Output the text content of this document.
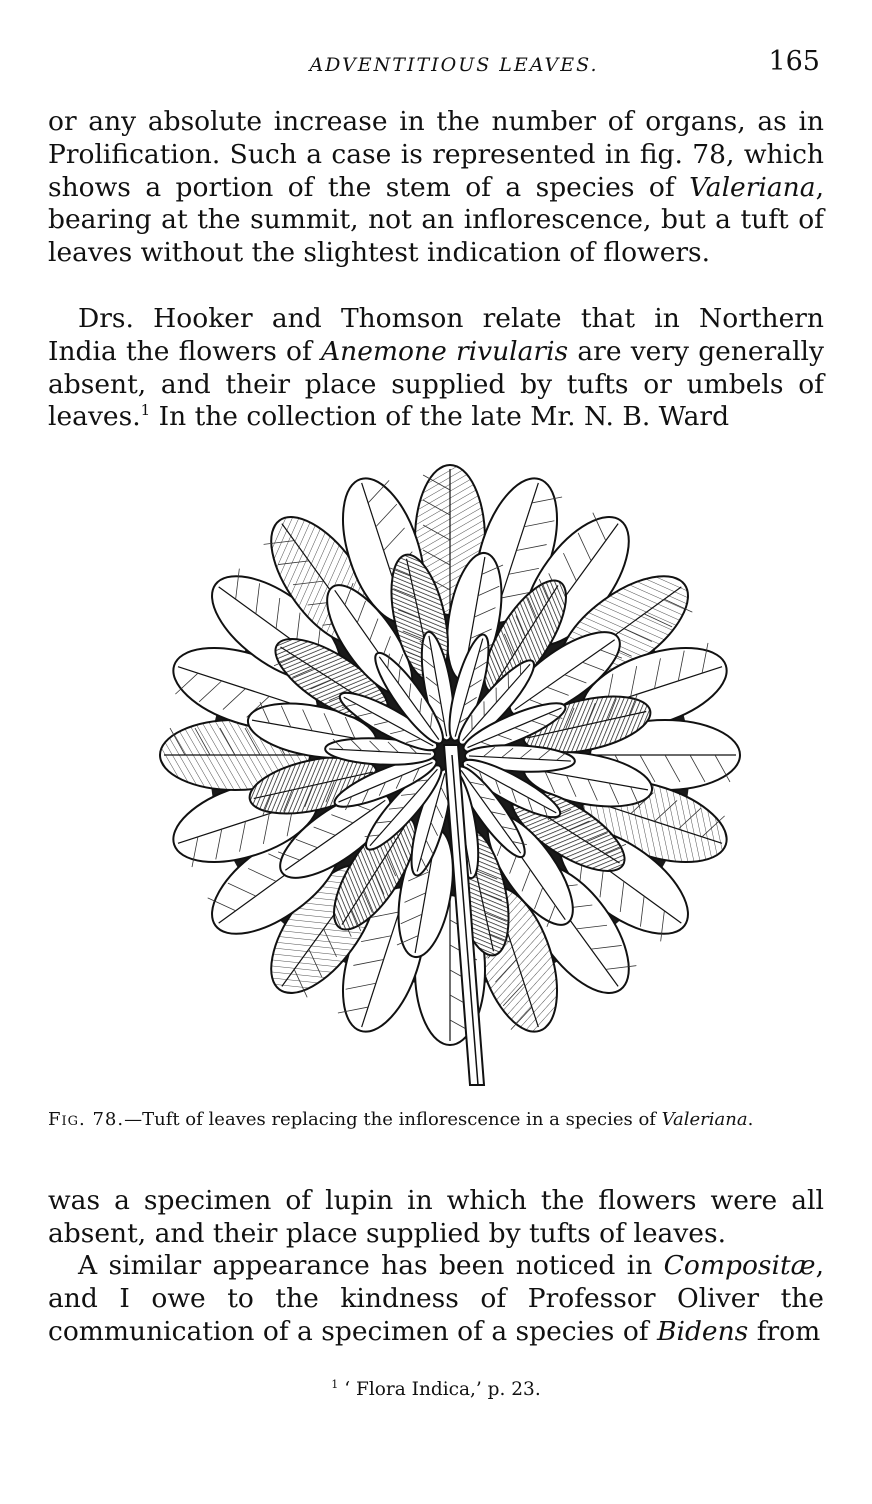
ADVENTITIOUS LEAVES.	165

or any absolute increase in the number of organs, as in Prolification. Such a case is represented in fig. 78, which shows a portion of the stem of a species of Valeriana, bearing at the summit, not an inflorescence, but a tuft of leaves without the slightest indication of flowers.

Drs. Hooker and Thomson relate that in Northern India the flowers of Anemone rivularis are very generally absent, and their place supplied by tufts or umbels of leaves.$^1$ In the collection of the late Mr. N. B. Ward

Fig. 78.—Tuft of leaves replacing the inflorescence in a species of Valeriana.

was a specimen of lupin in which the flowers were all absent, and their place supplied by tufts of leaves.

A similar appearance has been noticed in Compositæ, and I owe to the kindness of Professor Oliver the communication of a specimen of a species of Bidens from

$^1$ ‘ Flora Indica,’ p. 23.
